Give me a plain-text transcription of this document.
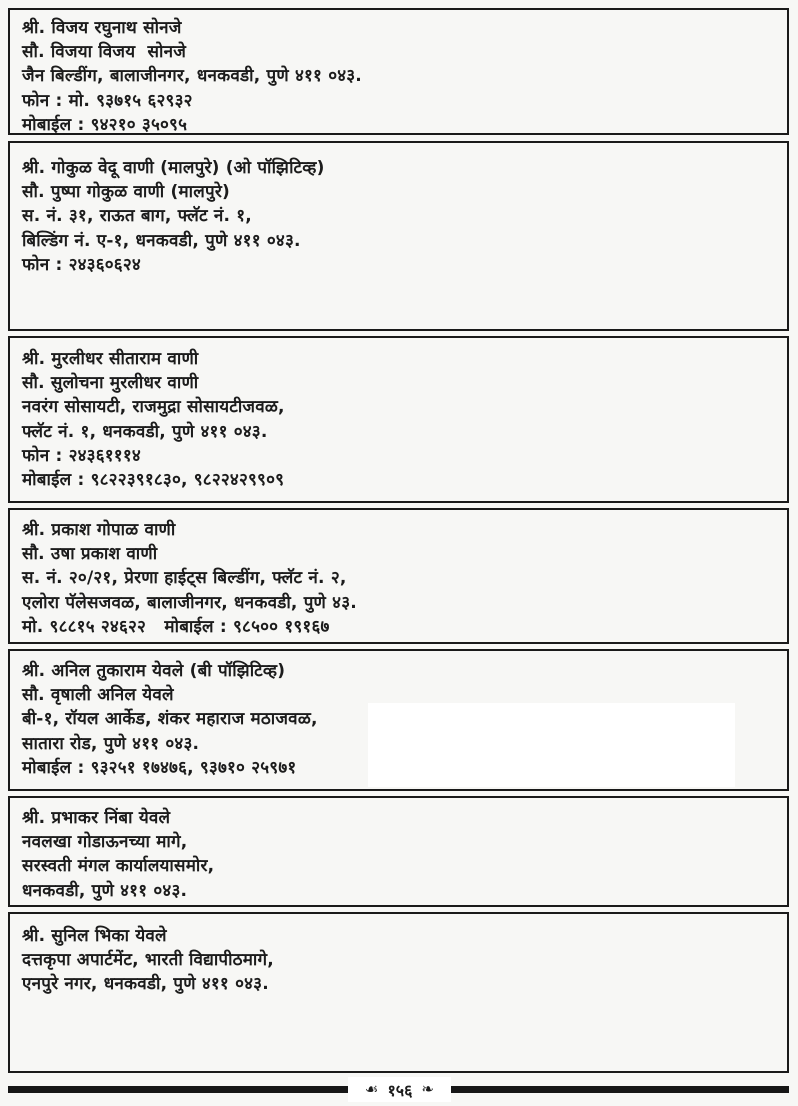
श्री. विजय रघुनाथ सोनजे
सौ. विजया विजय  सोनजे
जैन बिल्डींग, बालाजीनगर, धनकवडी, पुणे ४११ ०४३.
फोन : मो. ९३७१५ ६२९३२
मोबाईल : ९४२१० ३५०९५
श्री. गोकुळ वेदू वाणी (मालपुरे) (ओ पॉझिटिव्ह)
सौ. पुष्पा गोकुळ वाणी (मालपुरे)
स. नं. ३१, राऊत बाग, फ्लॅट नं. १,
बिल्डिंग नं. ए-१, धनकवडी, पुणे ४११ ०४३.
फोन : २४३६०६२४
श्री. मुरलीधर सीताराम वाणी
सौ. सुलोचना मुरलीधर वाणी
नवरंग सोसायटी, राजमुद्रा सोसायटीजवळ,
फ्लॅट नं. १, धनकवडी, पुणे ४११ ०४३.
फोन : २४३६१११४
मोबाईल : ९८२२३९१८३०, ९८२२४२९९०९
श्री. प्रकाश गोपाळ वाणी
सौ. उषा प्रकाश वाणी
स. नं. २०/२१, प्रेरणा हाईट्स बिल्डींग, फ्लॅट नं. २,
एलोरा पॅलेसजवळ, बालाजीनगर, धनकवडी, पुणे ४३.
मो. ९८८१५ २४६२२   मोबाईल : ९८५०० १९१६७
श्री. अनिल तुकाराम येवले (बी पॉझिटिव्ह)
सौ. वृषाली अनिल येवले
बी-१, रॉयल आर्केड, शंकर महाराज मठाजवळ,
सातारा रोड, पुणे ४११ ०४३.
मोबाईल : ९३२५१ १७४७६, ९३७१० २५९७१
श्री. प्रभाकर निंबा येवले
नवलखा गोडाऊनच्या मागे,
सरस्वती मंगल कार्यालयासमोर,
धनकवडी, पुणे ४११ ०४३.
श्री. सुनिल भिका येवले
दत्तकृपा अपार्टमेंट, भारती विद्यापीठमागे,
एनपुरे नगर, धनकवडी, पुणे ४११ ०४३.
☙ १५६ ❧
